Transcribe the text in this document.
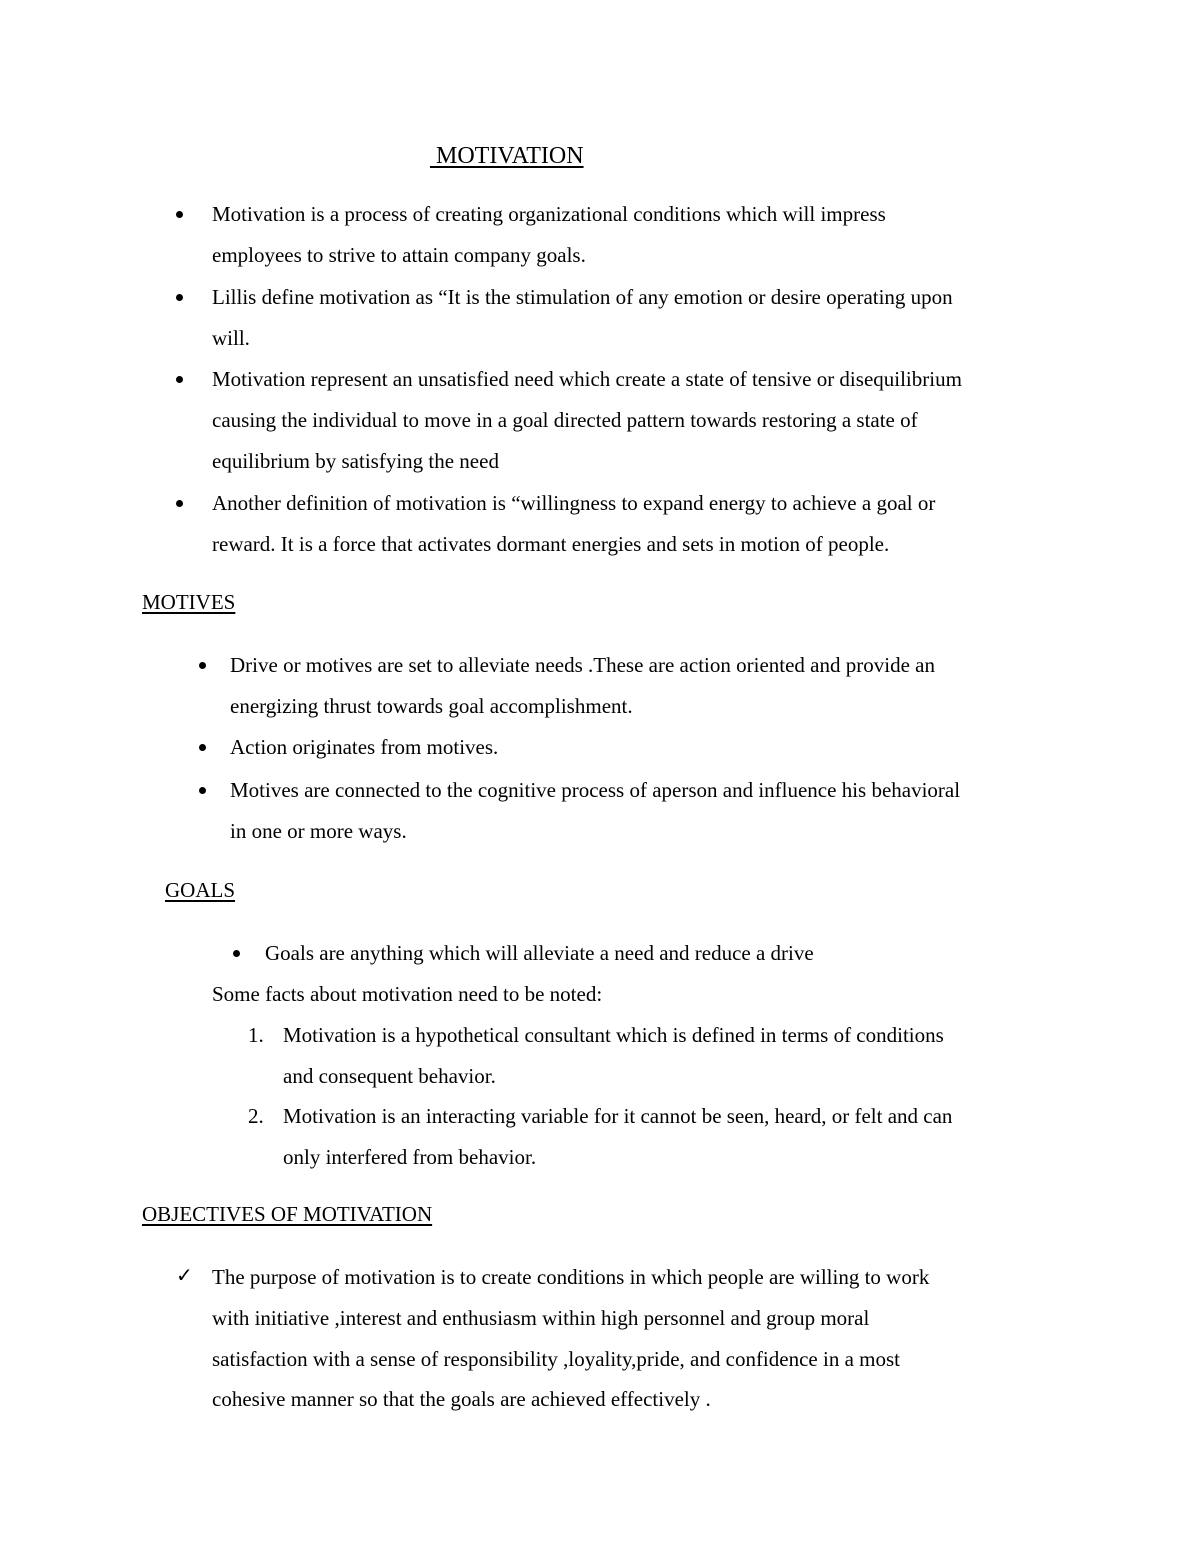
MOTIVATION
Motivation is a process of creating organizational conditions which will impress
employees to strive to attain company goals.
Lillis define motivation as “It is the stimulation of any emotion or desire operating upon
will.
Motivation represent an unsatisfied need which create a state of tensive or disequilibrium
causing the individual to move in a goal directed pattern towards restoring a state of
equilibrium by satisfying the need
Another definition of motivation is “willingness to expand energy to achieve a goal or
reward. It is a force that activates dormant energies and sets in motion of people.
MOTIVES
Drive or motives are set to alleviate needs .These are action oriented and provide an
energizing thrust towards goal accomplishment.
Action originates from motives.
Motives are connected to the cognitive process of aperson and influence his behavioral
in one or more ways.
GOALS
Goals are anything which will alleviate a need and reduce a drive
Some facts about motivation need to be noted:
1. Motivation is a hypothetical consultant which is defined in terms of conditions
and consequent behavior.
2. Motivation is an interacting variable for it cannot be seen, heard, or felt and can
only interfered from behavior.
OBJECTIVES OF MOTIVATION
✓ The purpose of motivation is to create conditions in which people are willing to work
with initiative ,interest and enthusiasm within high personnel and group moral
satisfaction with a sense of responsibility ,loyality,pride, and confidence in a most
cohesive manner so that the goals are achieved effectively .
